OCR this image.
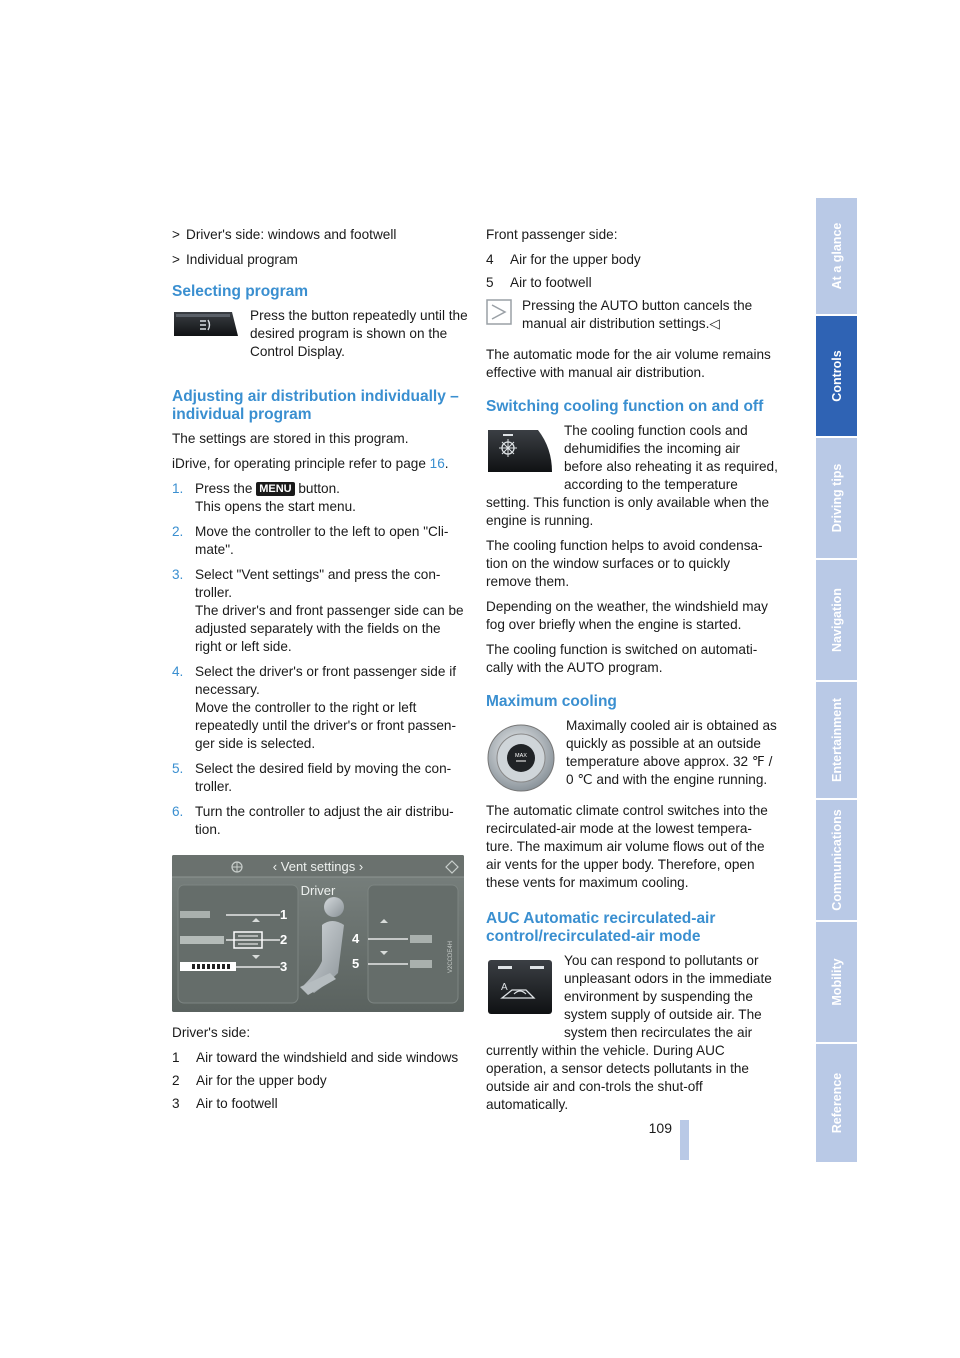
> Driver's side: windows and footwell
> Individual program
Selecting program

Press the button repeatedly until the desired program is shown on the Control Display.

Adjusting air distribution individually – individual program

The settings are stored in this program.

iDrive, for operating principle refer to page 16.

1. Press the MENU button.
This opens the start menu.
2. Move the controller to the left to open "Cli-mate".
3. Select "Vent settings" and press the con-troller.
The driver's and front passenger side can be adjusted separately with the fields on the right or left side.
4. Select the driver's or front passenger side if necessary.
Move the controller to the right or left repeatedly until the driver's or front passen-ger side is selected.
5. Select the desired field by moving the con-troller.
6. Turn the controller to adjust the air distribu-tion.
‹ Vent settings ›
Driver
1
2
3
4
5	V2CCDE4H

Driver's side:

1	Air toward the windshield and side windows
2	Air for the upper body
3	Air to footwell

Front passenger side:

4	Air for the upper body
5	Air to footwell

Pressing the AUTO button cancels the manual air distribution settings.◁

The automatic mode for the air volume remains effective with manual air distribution.

Switching cooling function on and off

The cooling function cools and dehumidifies the incoming air before also reheating it as required, according to the temperature setting. This function is only available when the engine is running.

The cooling function helps to avoid condensa-tion on the window surfaces or to quickly remove them.

Depending on the weather, the windshield may fog over briefly when the engine is started.

The cooling function is switched on automati-cally with the AUTO program.

Maximum cooling
MAX

Maximally cooled air is obtained as quickly as possible at an outside temperature above approx. 32 ℉ / 0 ℃ and with the engine running.

The automatic climate control switches into the recirculated-air mode at the lowest tempera-ture. The maximum air volume flows out of the air vents for the upper body. Therefore, open these vents for maximum cooling.

AUC Automatic recirculated-air control/recirculated-air mode
A

You can respond to pollutants or unpleasant odors in the immediate environment by suspending the system supply of outside air. The system then recirculates the air currently within the vehicle. During AUC operation, a sensor detects pollutants in the outside air and con-trols the shut-off automatically.

At a glance
Controls
Driving tips
Navigation
Entertainment
Communications
Mobility
Reference
109
